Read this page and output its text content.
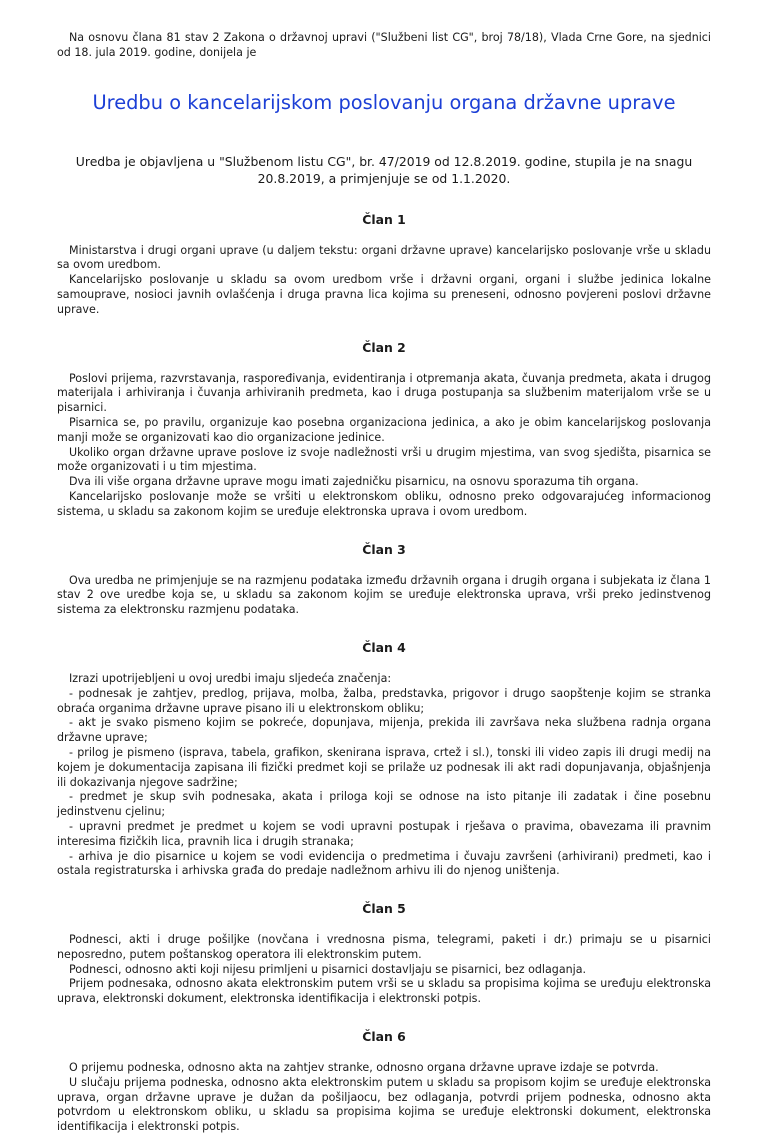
Na osnovu člana 81 stav 2 Zakona o državnoj upravi ("Službeni list CG", broj 78/18), Vlada Crne Gore, na sjednici od 18. jula 2019. godine, donijela je

Uredbu o kancelarijskom poslovanju organa državne uprave
Uredba je objavljena u "Službenom listu CG", br. 47/2019 od 12.8.2019. godine, stupila je na snagu 20.8.2019, a primjenjuje se od 1.1.2020.
Član 1

Ministarstva i drugi organi uprave (u daljem tekstu: organi državne uprave) kancelarijsko poslovanje vrše u skladu sa ovom uredbom.

Kancelarijsko poslovanje u skladu sa ovom uredbom vrše i državni organi, organi i službe jedinica lokalne samouprave, nosioci javnih ovlašćenja i druga pravna lica kojima su preneseni, odnosno povjereni poslovi državne uprave.

Član 2

Poslovi prijema, razvrstavanja, raspoređivanja, evidentiranja i otpremanja akata, čuvanja predmeta, akata i drugog materijala i arhiviranja i čuvanja arhiviranih predmeta, kao i druga postupanja sa službenim materijalom vrše se u pisarnici.

Pisarnica se, po pravilu, organizuje kao posebna organizaciona jedinica, a ako je obim kancelarijskog poslovanja manji može se organizovati kao dio organizacione jedinice.

Ukoliko organ državne uprave poslove iz svoje nadležnosti vrši u drugim mjestima, van svog sjedišta, pisarnica se može organizovati i u tim mjestima.

Dva ili više organa državne uprave mogu imati zajedničku pisarnicu, na osnovu sporazuma tih organa.

Kancelarijsko poslovanje može se vršiti u elektronskom obliku, odnosno preko odgovarajućeg informacionog sistema, u skladu sa zakonom kojim se uređuje elektronska uprava i ovom uredbom.

Član 3

Ova uredba ne primjenjuje se na razmjenu podataka između državnih organa i drugih organa i subjekata iz člana 1 stav 2 ove uredbe koja se, u skladu sa zakonom kojim se uređuje elektronska uprava, vrši preko jedinstvenog sistema za elektronsku razmjenu podataka.

Član 4

Izrazi upotrijebljeni u ovoj uredbi imaju sljedeća značenja:

- podnesak je zahtjev, predlog, prijava, molba, žalba, predstavka, prigovor i drugo saopštenje kojim se stranka obraća organima državne uprave pisano ili u elektronskom obliku;

- akt je svako pismeno kojim se pokreće, dopunjava, mijenja, prekida ili završava neka službena radnja organa državne uprave;

- prilog je pismeno (isprava, tabela, grafikon, skenirana isprava, crtež i sl.), tonski ili video zapis ili drugi medij na kojem je dokumentacija zapisana ili fizički predmet koji se prilaže uz podnesak ili akt radi dopunjavanja, objašnjenja ili dokazivanja njegove sadržine;

- predmet je skup svih podnesaka, akata i priloga koji se odnose na isto pitanje ili zadatak i čine posebnu jedinstvenu cjelinu;

- upravni predmet je predmet u kojem se vodi upravni postupak i rješava o pravima, obavezama ili pravnim interesima fizičkih lica, pravnih lica i drugih stranaka;

- arhiva je dio pisarnice u kojem se vodi evidencija o predmetima i čuvaju završeni (arhivirani) predmeti, kao i ostala registraturska i arhivska građa do predaje nadležnom arhivu ili do njenog uništenja.

Član 5

Podnesci, akti i druge pošiljke (novčana i vrednosna pisma, telegrami, paketi i dr.) primaju se u pisarnici neposredno, putem poštanskog operatora ili elektronskim putem.

Podnesci, odnosno akti koji nijesu primljeni u pisarnici dostavljaju se pisarnici, bez odlaganja.

Prijem podnesaka, odnosno akata elektronskim putem vrši se u skladu sa propisima kojima se uređuju elektronska uprava, elektronski dokument, elektronska identifikacija i elektronski potpis.

Član 6

O prijemu podneska, odnosno akta na zahtjev stranke, odnosno organa državne uprave izdaje se potvrda.

U slučaju prijema podneska, odnosno akta elektronskim putem u skladu sa propisom kojim se uređuje elektronska uprava, organ državne uprave je dužan da pošiljaocu, bez odlaganja, potvrdi prijem podneska, odnosno akta potvrdom u elektronskom obliku, u skladu sa propisima kojima se uređuje elektronski dokument, elektronska identifikacija i elektronski potpis.
